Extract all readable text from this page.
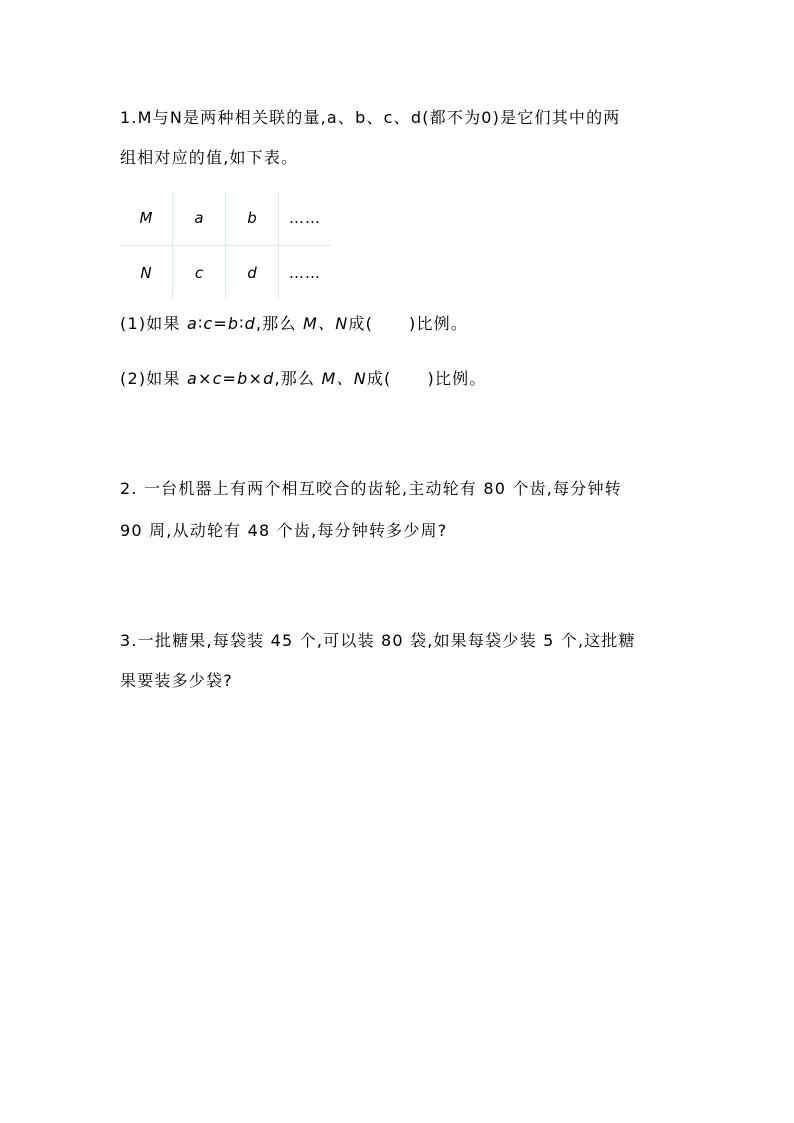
1.M与N是两种相关联的量,a、b、c、d(都不为0)是它们其中的两
组相对应的值,如下表。
M	a	b	……
N	c	d	……
(1)如果 a∶c=b∶d,那么 M、N成( )比例。
(2)如果 a×c=b×d,那么 M、N成( )比例。
2. 一台机器上有两个相互咬合的齿轮,主动轮有 80 个齿,每分钟转
90 周,从动轮有 48 个齿,每分钟转多少周?
3.一批糖果,每袋装 45 个,可以装 80 袋,如果每袋少装 5 个,这批糖
果要装多少袋?
